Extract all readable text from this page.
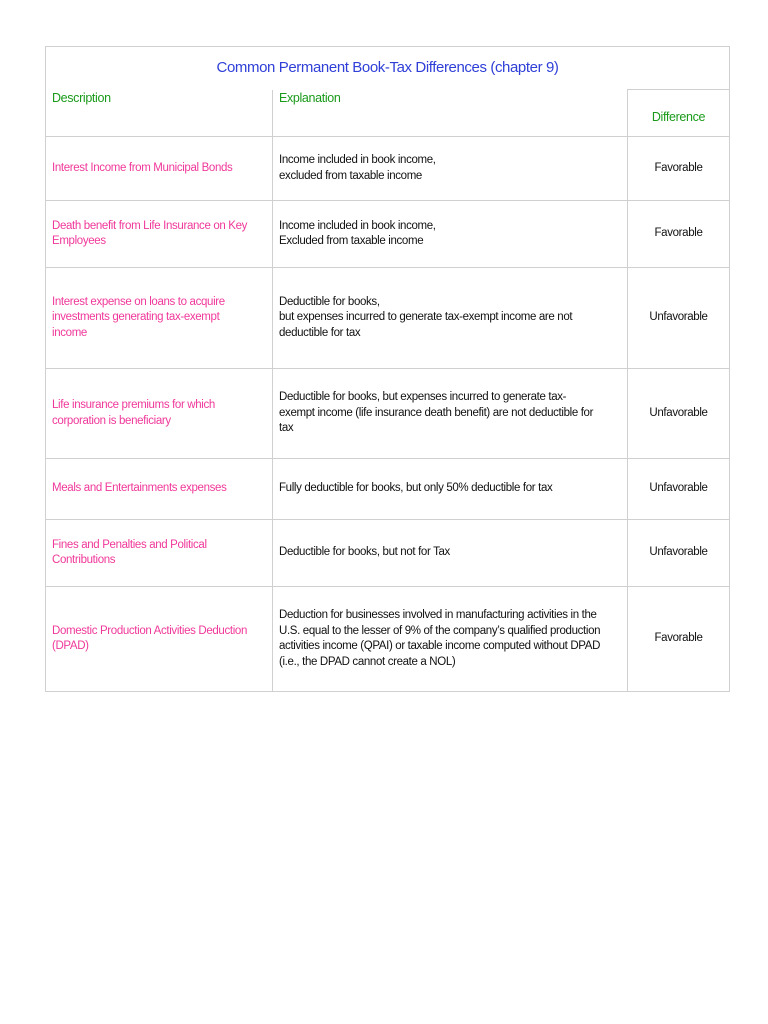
Common Permanent Book-Tax Differences (chapter 9)		
Description	Explanation	Difference

Interest Income from Municipal Bonds	Income included in book income,
excluded from taxable income	Favorable

Death benefit from Life Insurance on Key
Employees	Income included in book income,
Excluded from taxable income	Favorable

Interest expense on loans to acquire
investments generating tax-exempt
income	Deductible for books,
but expenses incurred to generate tax-exempt income are not
deductible for tax	Unfavorable

Life insurance premiums for which
corporation is beneficiary	Deductible for books, but expenses incurred to generate tax-
exempt income (life insurance death benefit) are not deductible for
tax	Unfavorable

Meals and Entertainments expenses	Fully deductible for books, but only 50% deductible for tax	Unfavorable

Fines and Penalties and Political
Contributions	Deductible for books, but not for Tax	Unfavorable

Domestic Production Activities Deduction
(DPAD)	Deduction for businesses involved in manufacturing activities in the
U.S. equal to the lesser of 9% of the company’s qualified production
activities income (QPAI) or taxable income computed without DPAD
(i.e., the DPAD cannot create a NOL)	Favorable
